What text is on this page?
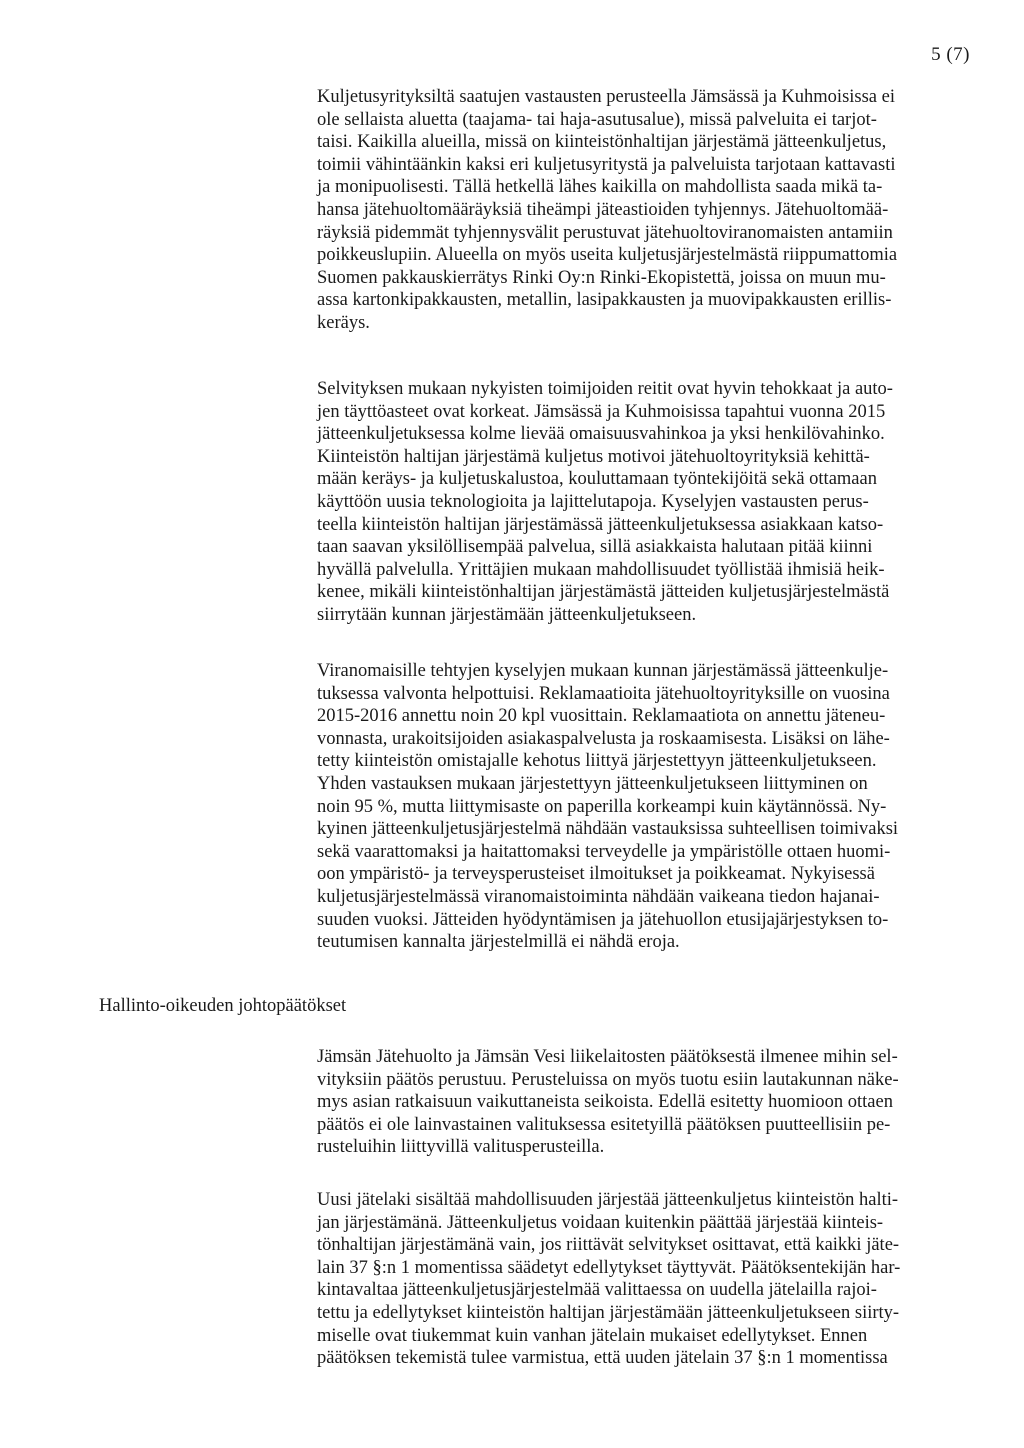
5 (7)
Hallinto-oikeuden johtopäätökset

Kuljetusyrityksiltä saatujen vastausten perusteella Jämsässä ja Kuhmoisissa ei
ole sellaista aluetta (taajama- tai haja-asutusalue), missä palveluita ei tarjot-
taisi. Kaikilla alueilla, missä on kiinteistönhaltijan järjestämä jätteenkuljetus,
toimii vähintäänkin kaksi eri kuljetusyritystä ja palveluista tarjotaan kattavasti
ja monipuolisesti. Tällä hetkellä lähes kaikilla on mahdollista saada mikä ta-
hansa jätehuoltomääräyksiä tiheämpi jäteastioiden tyhjennys. Jätehuoltomää-
räyksiä pidemmät tyhjennysvälit perustuvat jätehuoltoviranomaisten antamiin
poikkeuslupiin. Alueella on myös useita kuljetusjärjestelmästä riippumattomia
Suomen pakkauskierrätys Rinki Oy:n Rinki-Ekopistettä, joissa on muun mu-
assa kartonkipakkausten, metallin, lasipakkausten ja muovipakkausten erillis-
keräys.

Selvityksen mukaan nykyisten toimijoiden reitit ovat hyvin tehokkaat ja auto-
jen täyttöasteet ovat korkeat. Jämsässä ja Kuhmoisissa tapahtui vuonna 2015
jätteenkuljetuksessa kolme lievää omaisuusvahinkoa ja yksi henkilövahinko.
Kiinteistön haltijan järjestämä kuljetus motivoi jätehuoltoyrityksiä kehittä-
mään keräys- ja kuljetuskalustoa, kouluttamaan työntekijöitä sekä ottamaan
käyttöön uusia teknologioita ja lajittelutapoja. Kyselyjen vastausten perus-
teella kiinteistön haltijan järjestämässä jätteenkuljetuksessa asiakkaan katso-
taan saavan yksilöllisempää palvelua, sillä asiakkaista halutaan pitää kiinni
hyvällä palvelulla. Yrittäjien mukaan mahdollisuudet työllistää ihmisiä heik-
kenee, mikäli kiinteistönhaltijan järjestämästä jätteiden kuljetusjärjestelmästä
siirrytään kunnan järjestämään jätteenkuljetukseen.

Viranomaisille tehtyjen kyselyjen mukaan kunnan järjestämässä jätteenkulje-
tuksessa valvonta helpottuisi. Reklamaatioita jätehuoltoyrityksille on vuosina
2015-2016 annettu noin 20 kpl vuosittain. Reklamaatiota on annettu jäteneu-
vonnasta, urakoitsijoiden asiakaspalvelusta ja roskaamisesta. Lisäksi on lähe-
tetty kiinteistön omistajalle kehotus liittyä järjestettyyn jätteenkuljetukseen.
Yhden vastauksen mukaan järjestettyyn jätteenkuljetukseen liittyminen on
noin 95 %, mutta liittymisaste on paperilla korkeampi kuin käytännössä. Ny-
kyinen jätteenkuljetusjärjestelmä nähdään vastauksissa suhteellisen toimivaksi
sekä vaarattomaksi ja haitattomaksi terveydelle ja ympäristölle ottaen huomi-
oon ympäristö- ja terveysperusteiset ilmoitukset ja poikkeamat. Nykyisessä
kuljetusjärjestelmässä viranomaistoiminta nähdään vaikeana tiedon hajanai-
suuden vuoksi. Jätteiden hyödyntämisen ja jätehuollon etusijajärjestyksen to-
teutumisen kannalta järjestelmillä ei nähdä eroja.

Jämsän Jätehuolto ja Jämsän Vesi liikelaitosten päätöksestä ilmenee mihin sel-
vityksiin päätös perustuu. Perusteluissa on myös tuotu esiin lautakunnan näke-
mys asian ratkaisuun vaikuttaneista seikoista. Edellä esitetty huomioon ottaen
päätös ei ole lainvastainen valituksessa esitetyillä päätöksen puutteellisiin pe-
rusteluihin liittyvillä valitusperusteilla.

Uusi jätelaki sisältää mahdollisuuden järjestää jätteenkuljetus kiinteistön halti-
jan järjestämänä. Jätteenkuljetus voidaan kuitenkin päättää järjestää kiinteis-
tönhaltijan järjestämänä vain, jos riittävät selvitykset osittavat, että kaikki jäte-
lain 37 §:n 1 momentissa säädetyt edellytykset täyttyvät. Päätöksentekijän har-
kintavaltaa jätteenkuljetusjärjestelmää valittaessa on uudella jätelailla rajoi-
tettu ja edellytykset kiinteistön haltijan järjestämään jätteenkuljetukseen siirty-
miselle ovat tiukemmat kuin vanhan jätelain mukaiset edellytykset. Ennen
päätöksen tekemistä tulee varmistua, että uuden jätelain 37 §:n 1 momentissa
